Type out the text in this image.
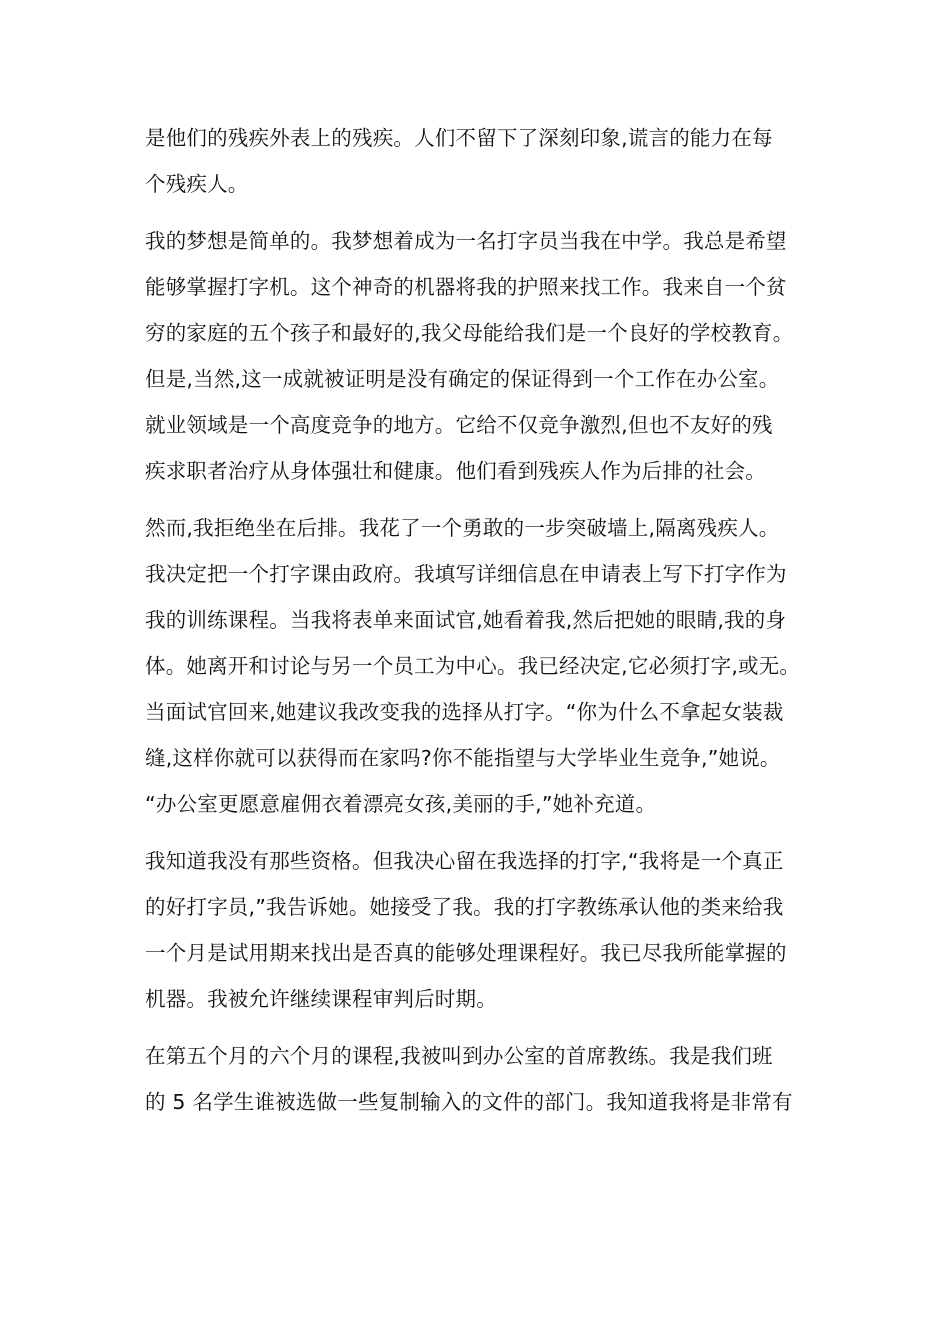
是他们的残疾外表上的残疾。人们不留下了深刻印象,谎言的能力在每
个残疾人。
我的梦想是简单的。我梦想着成为一名打字员当我在中学。我总是希望
能够掌握打字机。这个神奇的机器将我的护照来找工作。我来自一个贫
穷的家庭的五个孩子和最好的,我父母能给我们是一个良好的学校教育。
但是,当然,这一成就被证明是没有确定的保证得到一个工作在办公室。
就业领域是一个高度竞争的地方。它给不仅竞争激烈,但也不友好的残
疾求职者治疗从身体强壮和健康。他们看到残疾人作为后排的社会。
然而,我拒绝坐在后排。我花了一个勇敢的一步突破墙上,隔离残疾人。
我决定把一个打字课由政府。我填写详细信息在申请表上写下打字作为
我的训练课程。当我将表单来面试官,她看着我,然后把她的眼睛,我的身
体。她离开和讨论与另一个员工为中心。我已经决定,它必须打字,或无。
当面试官回来,她建议我改变我的选择从打字。“你为什么不拿起女装裁
缝,这样你就可以获得而在家吗?你不能指望与大学毕业生竞争,”她说。
“办公室更愿意雇佣衣着漂亮女孩,美丽的手,”她补充道。
我知道我没有那些资格。但我决心留在我选择的打字,“我将是一个真正
的好打字员,”我告诉她。她接受了我。我的打字教练承认他的类来给我
一个月是试用期来找出是否真的能够处理课程好。我已尽我所能掌握的
机器。我被允许继续课程审判后时期。
在第五个月的六个月的课程,我被叫到办公室的首席教练。我是我们班
的 5 名学生谁被选做一些复制输入的文件的部门。我知道我将是非常有
